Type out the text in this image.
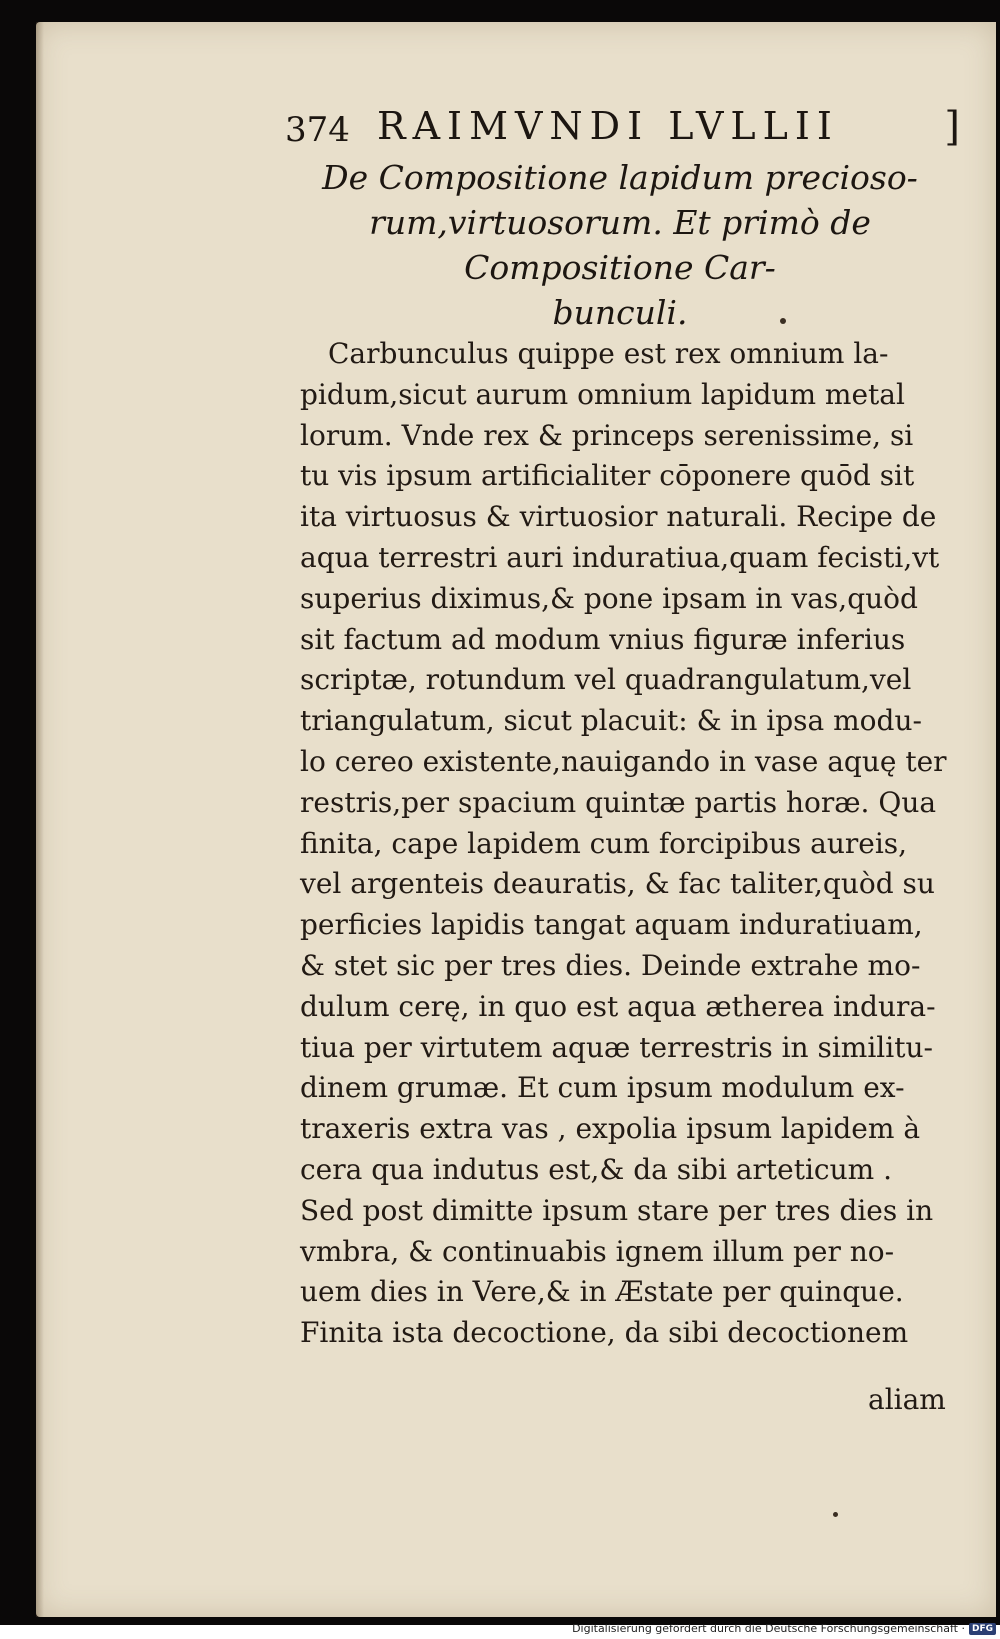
374 RAIMVNDI LVLLII	]
De Compositione lapidum precioso-
rum,virtuosorum. Et primò de
Compositione Car-
bunculi.
Carbunculus quippe est rex omnium la-
pidum,sicut aurum omnium lapidum metal
lorum. Vnde rex & princeps serenissime, si
tu vis ipsum artificialiter cōponere quōd sit
ita virtuosus & virtuosior naturali. Recipe de
aqua terrestri auri induratiua,quam fecisti,vt
superius diximus,& pone ipsam in vas,quòd
sit factum ad modum vnius figuræ inferius
scriptæ, rotundum vel quadrangulatum,vel
triangulatum, sicut placuit: & in ipsa modu-
lo cereo existente,nauigando in vase aquę ter
restris,per spacium quintæ partis horæ. Qua
finita, cape lapidem cum forcipibus aureis,
vel argenteis deauratis, & fac taliter,quòd su
perficies lapidis tangat aquam induratiuam,
& stet sic per tres dies. Deinde extrahe mo-
dulum cerę, in quo est aqua ætherea indura-
tiua per virtutem aquæ terrestris in similitu-
dinem grumæ. Et cum ipsum modulum ex-
traxeris extra vas , expolia ipsum lapidem à
cera qua indutus est,& da sibi arteticum .
Sed post dimitte ipsum stare per tres dies in
vmbra, & continuabis ignem illum per no-
uem dies in Vere,& in Æstate per quinque.
Finita ista decoctione, da sibi decoctionem
aliam
Digitalisierung gefördert durch die Deutsche Forschungsgemeinschaft · DFG
